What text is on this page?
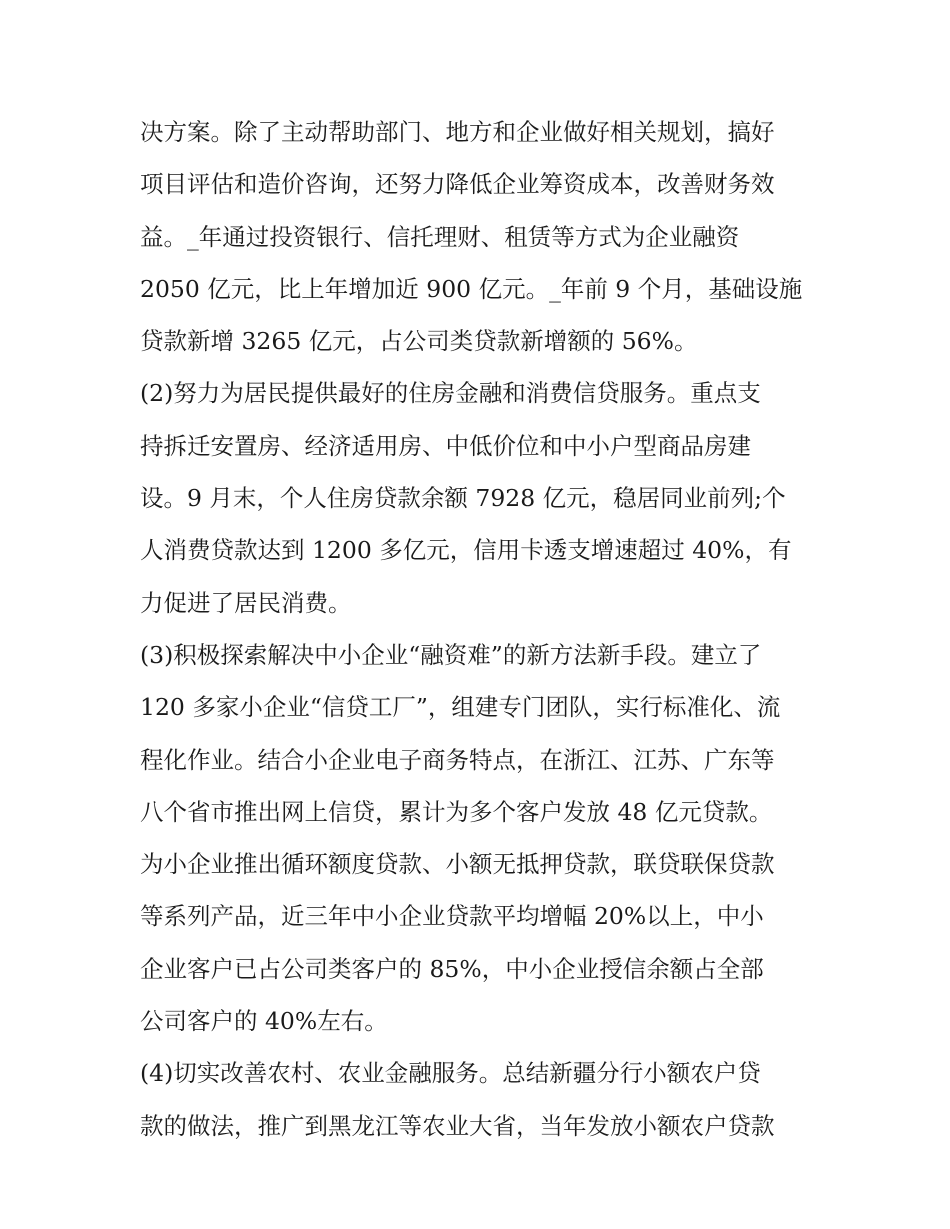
决方案。除了主动帮助部门、地方和企业做好相关规划，搞好
项目评估和造价咨询，还努力降低企业筹资成本，改善财务效
益。_年通过投资银行、信托理财、租赁等方式为企业融资
2050 亿元，比上年增加近 900 亿元。_年前 9 个月，基础设施
贷款新增 3265 亿元，占公司类贷款新增额的 56%。
(2)努力为居民提供最好的住房金融和消费信贷服务。重点支
持拆迁安置房、经济适用房、中低价位和中小户型商品房建
设。9 月末，个人住房贷款余额 7928 亿元，稳居同业前列;个
人消费贷款达到 1200 多亿元，信用卡透支增速超过 40%，有
力促进了居民消费。
(3)积极探索解决中小企业“融资难”的新方法新手段。建立了
120 多家小企业“信贷工厂”，组建专门团队，实行标准化、流
程化作业。结合小企业电子商务特点，在浙江、江苏、广东等
八个省市推出网上信贷，累计为多个客户发放 48 亿元贷款。
为小企业推出循环额度贷款、小额无抵押贷款，联贷联保贷款
等系列产品，近三年中小企业贷款平均增幅 20%以上，中小
企业客户已占公司类客户的 85%，中小企业授信余额占全部
公司客户的 40%左右。
(4)切实改善农村、农业金融服务。总结新疆分行小额农户贷
款的做法，推广到黑龙江等农业大省，当年发放小额农户贷款
